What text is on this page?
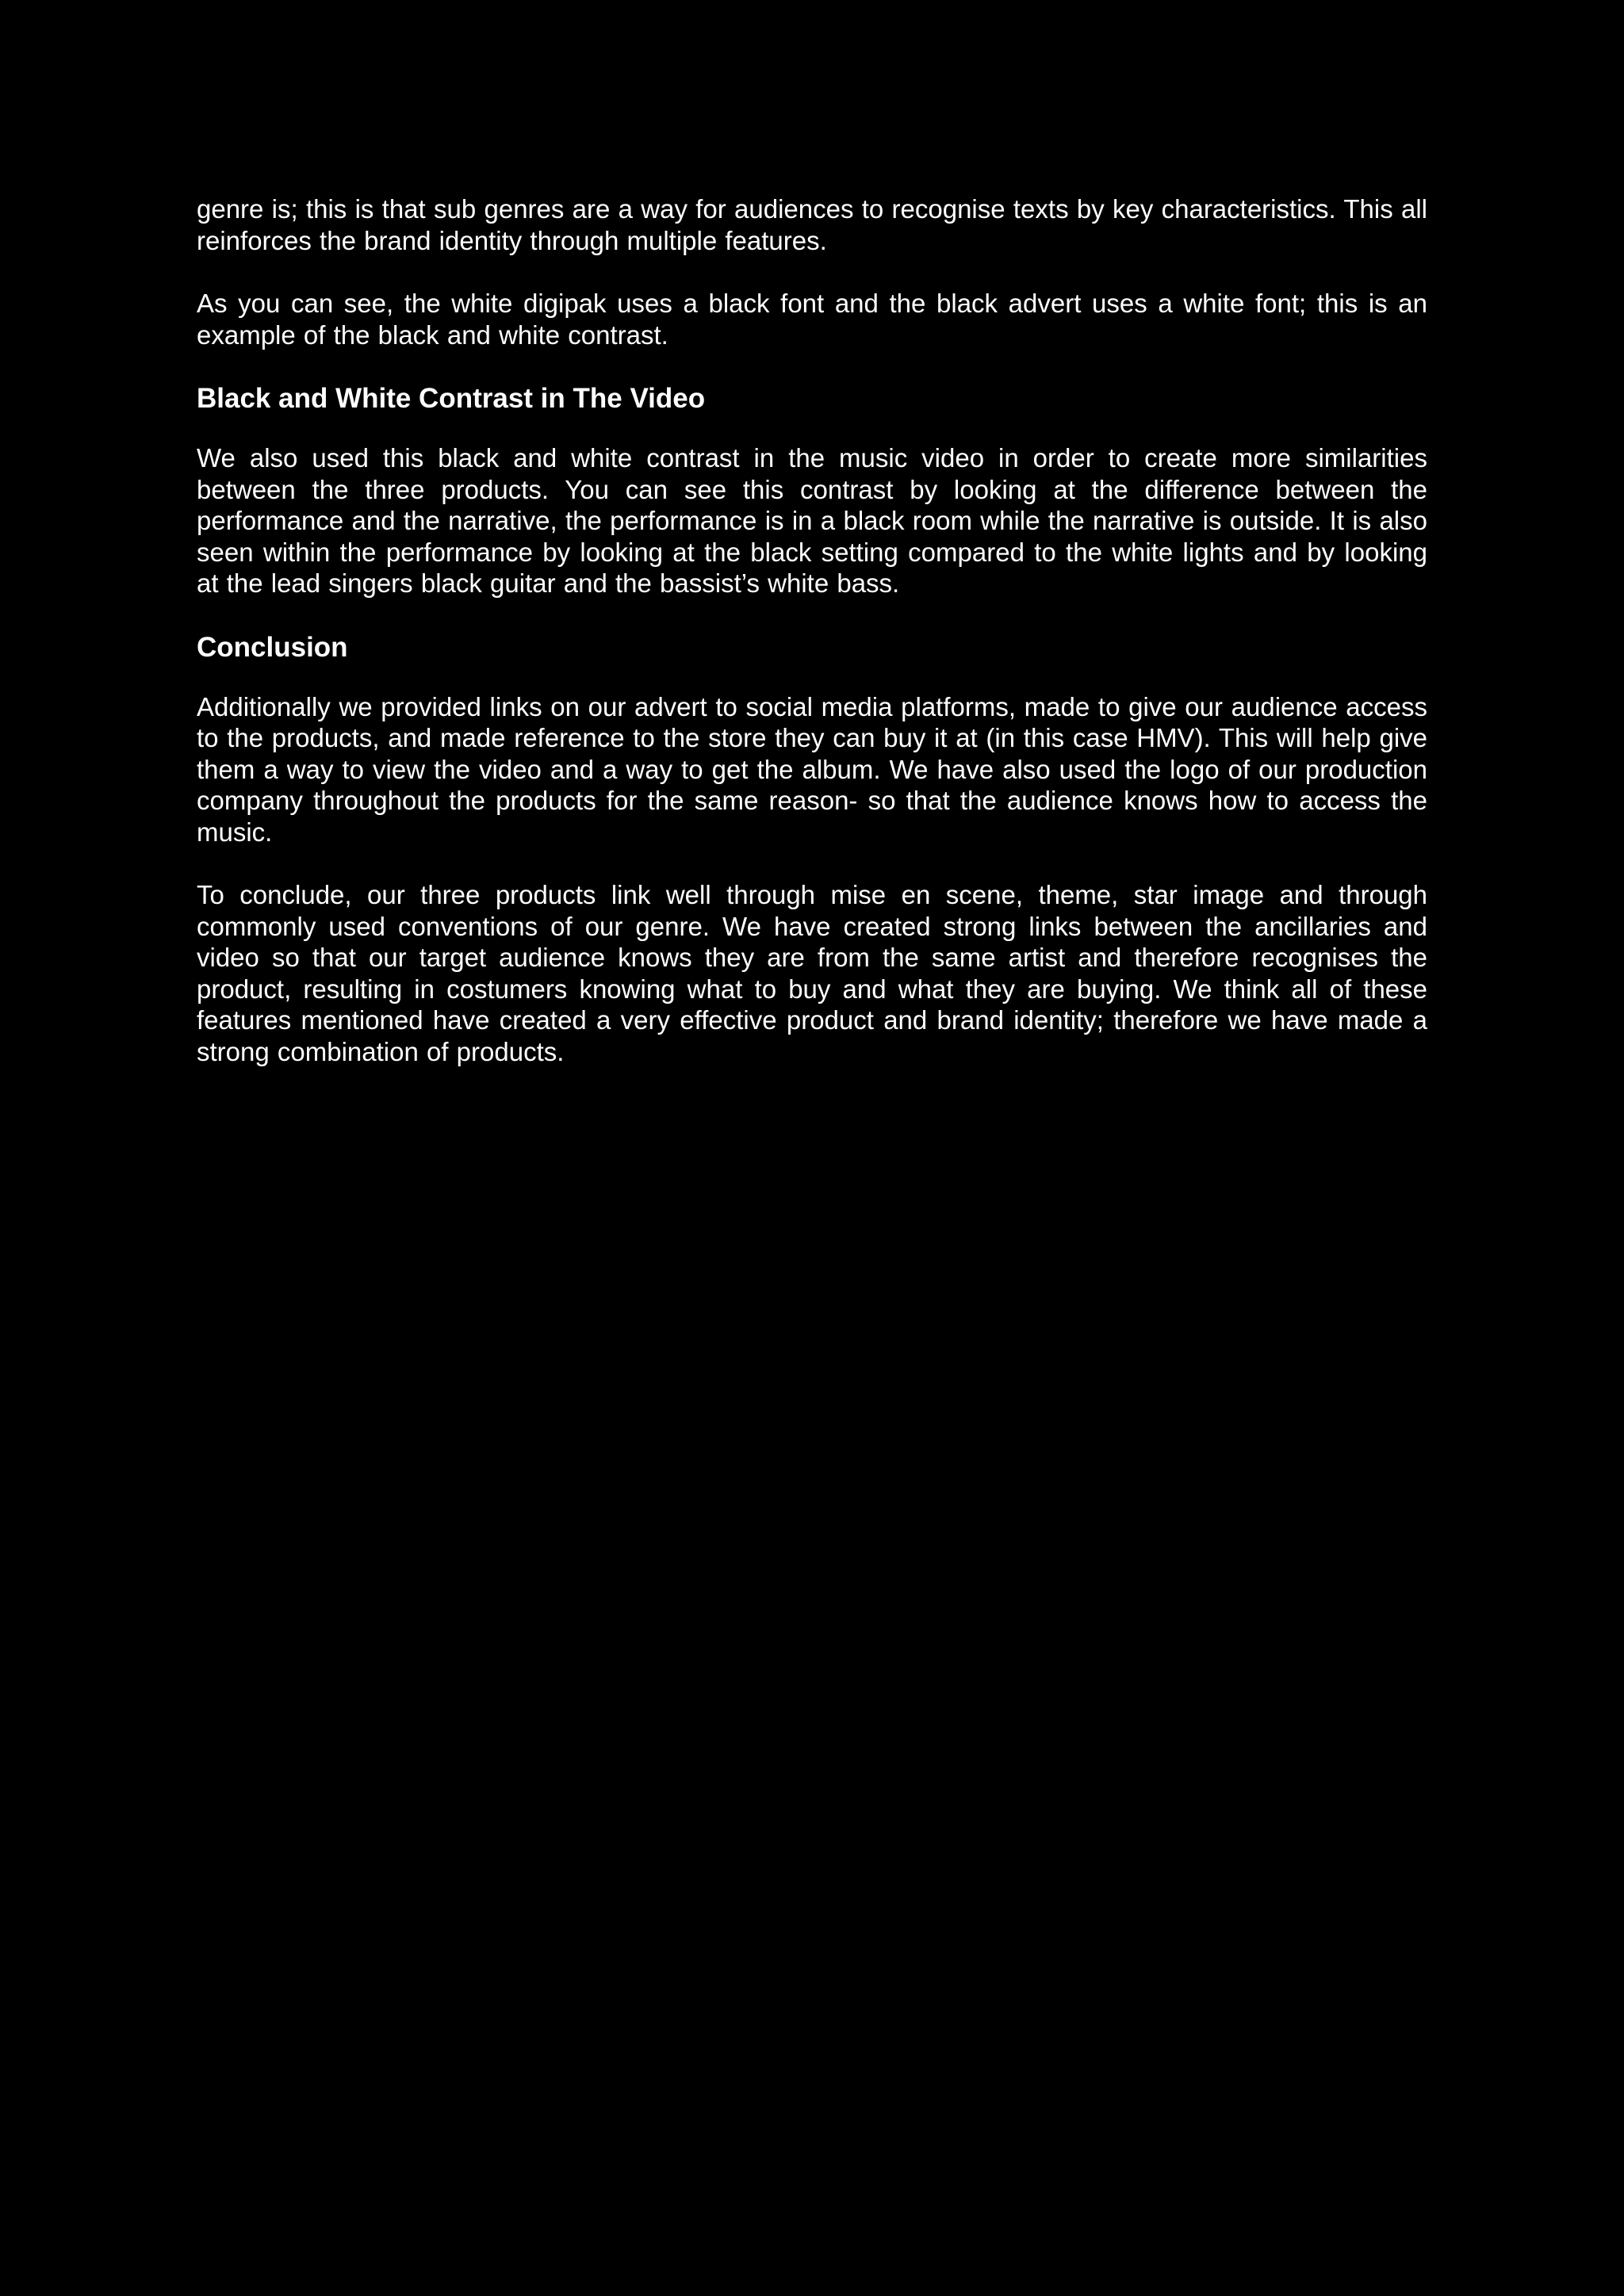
genre is; this is that sub genres are a way for audiences to recognise texts by key characteristics. This all reinforces the brand identity through multiple features.

As you can see, the white digipak uses a black font and the black advert uses a white font; this is an example of the black and white contrast.

Black and White Contrast in The Video

We also used this black and white contrast in the music video in order to create more similarities between the three products. You can see this contrast by looking at the difference between the performance and the narrative, the performance is in a black room while the narrative is outside. It is also seen within the performance by looking at the black setting compared to the white lights and by looking at the lead singers black guitar and the bassist’s white bass.

Conclusion

Additionally we provided links on our advert to social media platforms, made to give our audience access to the products, and made reference to the store they can buy it at (in this case HMV). This will help give them a way to view the video and a way to get the album. We have also used the logo of our production company throughout the products for the same reason- so that the audience knows how to access the music.

To conclude, our three products link well through mise en scene, theme, star image and through commonly used conventions of our genre. We have created strong links between the ancillaries and video so that our target audience knows they are from the same artist and therefore recognises the product, resulting in costumers knowing what to buy and what they are buying. We think all of these features mentioned have created a very effective product and brand identity; therefore we have made a strong combination of products.
